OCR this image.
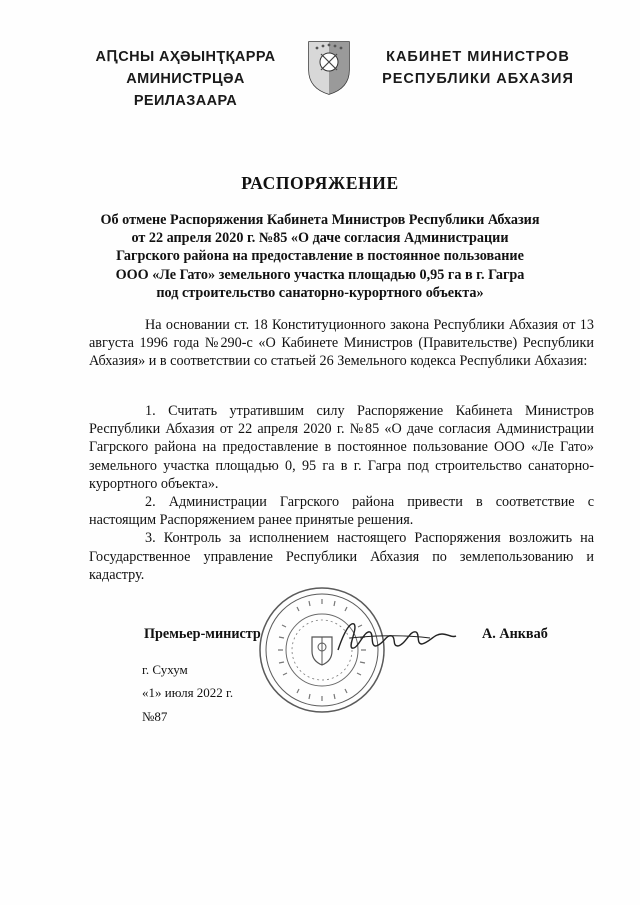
АԤСНЫ АҲӘЫНҬҚАРРА
АМИНИСТРЦӘА РЕИЛАЗААРА
КАБИНЕТ МИНИСТРОВ
РЕСПУБЛИКИ АБХАЗИЯ
РАСПОРЯЖЕНИЕ
Об отмене Распоряжения Кабинета Министров Республики Абхазия
от 22 апреля 2020 г. №85 «О даче согласия Администрации
Гагрского района на предоставление в постоянное пользование
ООО «Ле Гато» земельного участка площадью 0,95 га в г. Гагра
под строительство санаторно-курортного объекта»

На основании ст. 18 Конституционного закона Республики Абхазия от 13 августа 1996 года №290-с «О Кабинете Министров (Правительстве) Республики Абхазия» и в соответствии со статьей 26 Земельного кодекса Республики Абхазия:

1. Считать утратившим силу Распоряжение Кабинета Министров Республики Абхазия от 22 апреля 2020 г. №85 «О даче согласия Администрации Гагрского района на предоставление в постоянное пользование ООО «Ле Гато» земельного участка площадью 0, 95 га в г. Гагра под строительство санаторно-курортного объекта».

2. Администрации Гагрского района привести в соответствие с настоящим Распоряжением ранее принятые решения.

3. Контроль за исполнением настоящего Распоряжения возложить на Государственное управление Республики Абхазия по землепользованию и кадастру.

Премьер-министр	А. Анкваб
г. Сухум
«1» июля 2022 г.
№87
